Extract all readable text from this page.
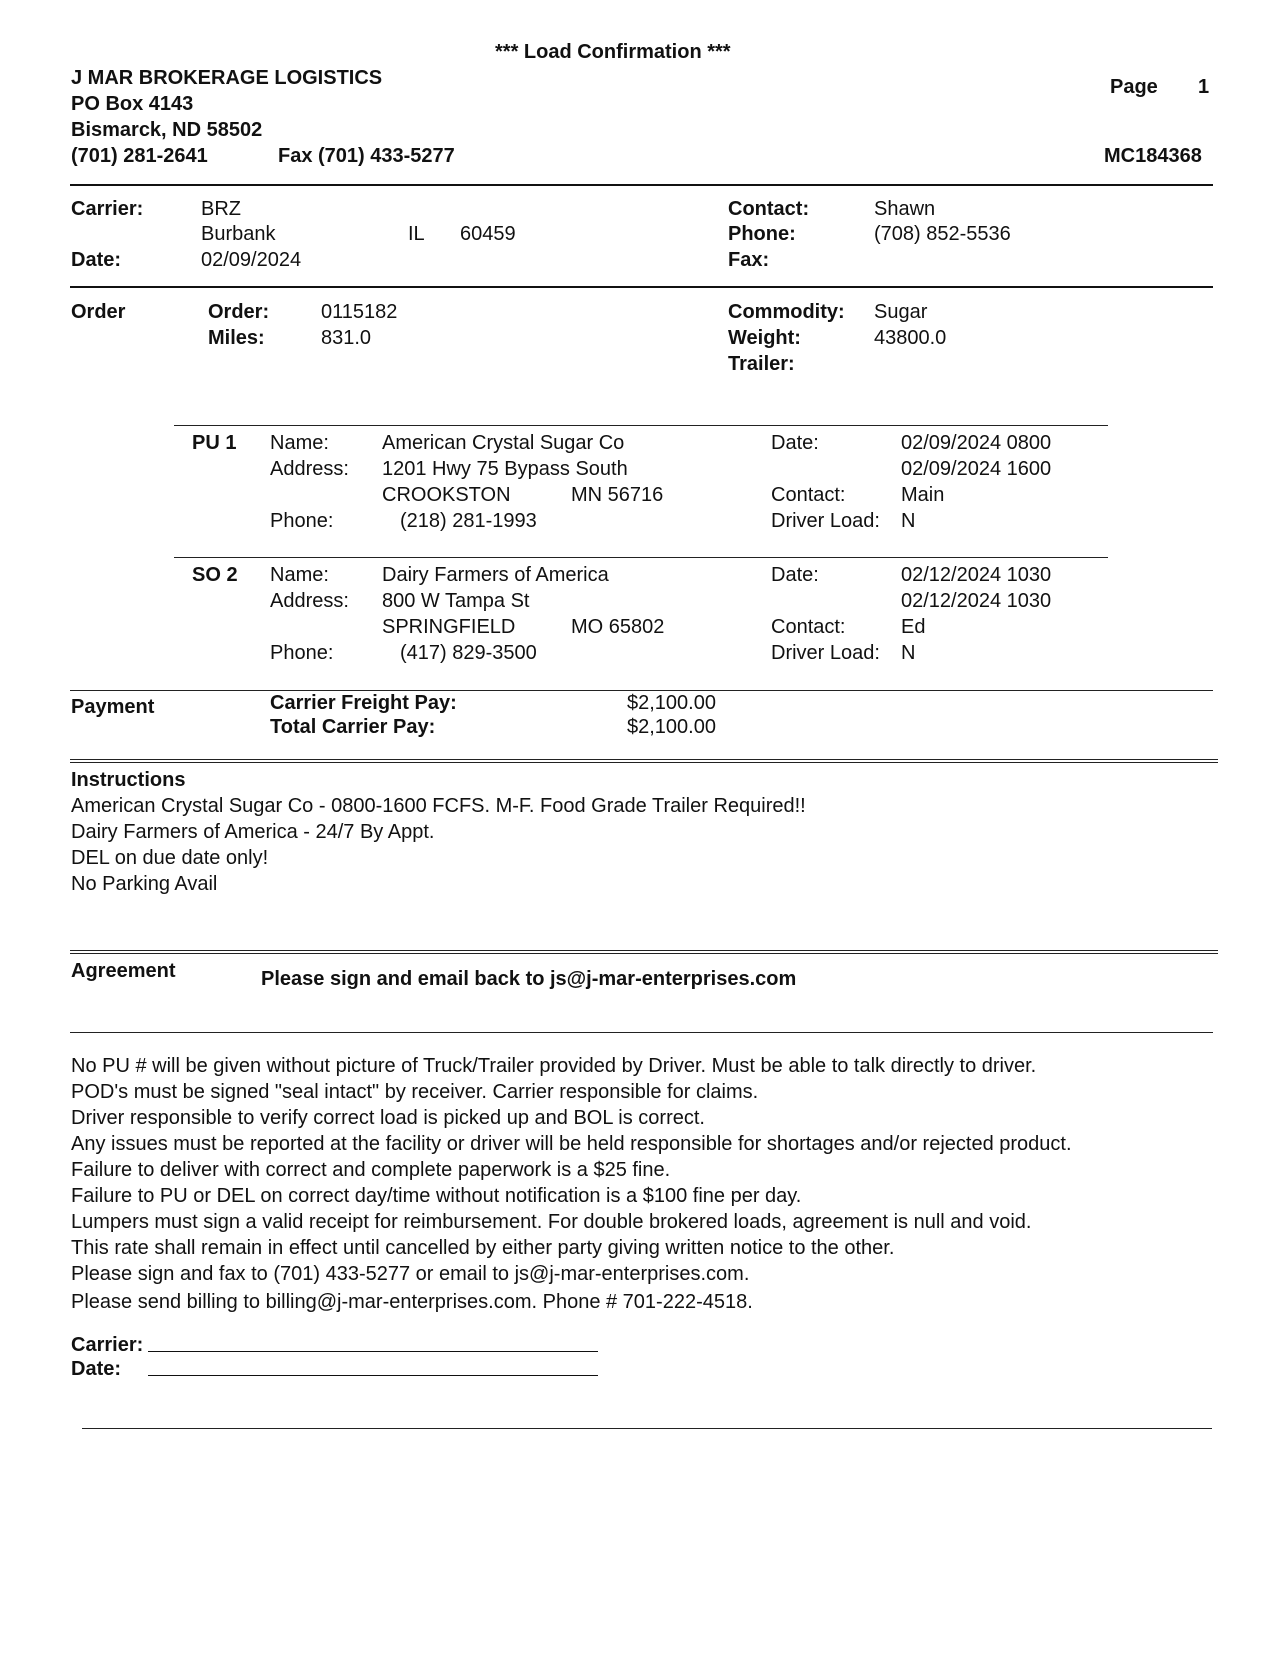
*** Load Confirmation ***
J MAR BROKERAGE LOGISTICS
PO Box 4143
Bismarck, ND 58502
(701) 281-2641	Fax (701) 433-5277
Page 1
MC184368
Carrier:	BRZ
Burbank	IL 60459
Date:	02/09/2024
Contact:	Shawn
Phone:	(708) 852-5536
Fax:
Order	Order:	0115182
Miles:	831.0
Commodity: Sugar
Weight:	43800.0
Trailer:
PU 1 Name:	American Crystal Sugar Co
Address: 1201 Hwy 75 Bypass South
CROOKSTON	MN 56716
Phone:	(218) 281-1993
Date:	02/09/2024 0800
02/09/2024 1600
Contact:	Main
Driver Load: N
SO 2 Name:	Dairy Farmers of America
Address: 800 W Tampa St
SPRINGFIELD	MO 65802
Phone:	(417) 829-3500
Date:	02/12/2024 1030
02/12/2024 1030
Contact:	Ed
Driver Load: N
Payment	Carrier Freight Pay:	$2,100.00
Total Carrier Pay:	$2,100.00
Instructions
American Crystal Sugar Co - 0800-1600 FCFS. M-F. Food Grade Trailer Required!!
Dairy Farmers of America - 24/7 By Appt.
DEL on due date only!
No Parking Avail
Agreement	Please sign and email back to js@j-mar-enterprises.com
No PU # will be given without picture of Truck/Trailer provided by Driver. Must be able to talk directly to driver.
POD's must be signed "seal intact" by receiver. Carrier responsible for claims.
Driver responsible to verify correct load is picked up and BOL is correct.
Any issues must be reported at the facility or driver will be held responsible for shortages and/or rejected product.
Failure to deliver with correct and complete paperwork is a $25 fine.
Failure to PU or DEL on correct day/time without notification is a $100 fine per day.
Lumpers must sign a valid receipt for reimbursement. For double brokered loads, agreement is null and void.
This rate shall remain in effect until cancelled by either party giving written notice to the other.
Please sign and fax to (701) 433-5277 or email to js@j-mar-enterprises.com.
Please send billing to billing@j-mar-enterprises.com. Phone # 701-222-4518.
Carrier:
Date:
